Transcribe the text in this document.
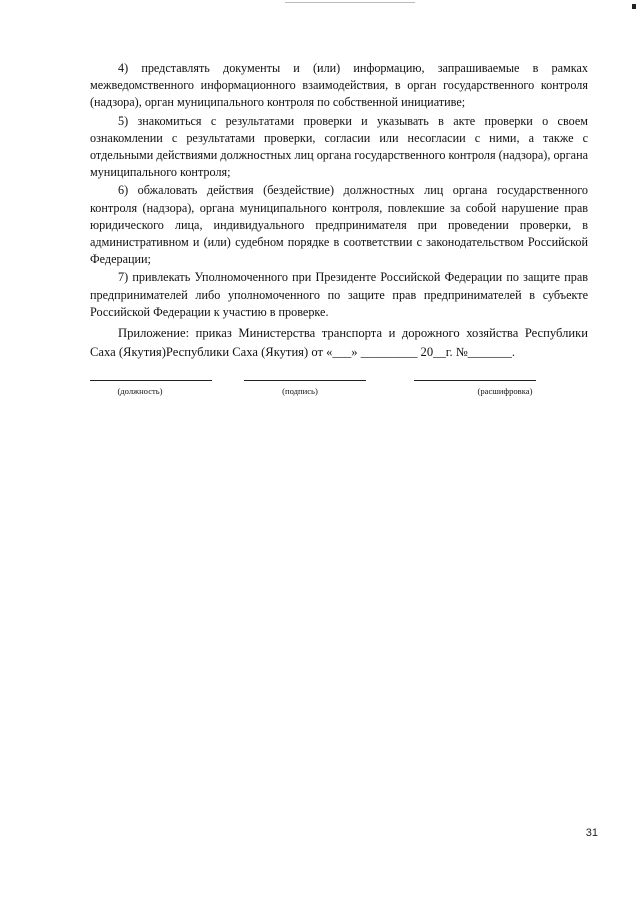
4) представлять документы и (или) информацию, запрашиваемые в рамках межведомственного информационного взаимодействия, в орган государственного контроля (надзора), орган муниципального контроля по собственной инициативе;

5) знакомиться с результатами проверки и указывать в акте проверки о своем ознакомлении с результатами проверки, согласии или несогласии с ними, а также с отдельными действиями должностных лиц органа государственного контроля (надзора), органа муниципального контроля;

6) обжаловать действия (бездействие) должностных лиц органа государственного контроля (надзора), органа муниципального контроля, повлекшие за собой нарушение прав юридического лица, индивидуального предпринимателя при проведении проверки, в административном и (или) судебном порядке в соответствии с законодательством Российской Федерации;

7) привлекать Уполномоченного при Президенте Российской Федерации по защите прав предпринимателей либо уполномоченного по защите прав предпринимателей в субъекте Российской Федерации к участию в проверке.

Приложение: приказ Министерства транспорта и дорожного хозяйства Республики Саха (Якутия)Республики Саха (Якутия) от «___» _________ 20__г. №_______.

(должность)	(подпись)	(расшифровка)
31
